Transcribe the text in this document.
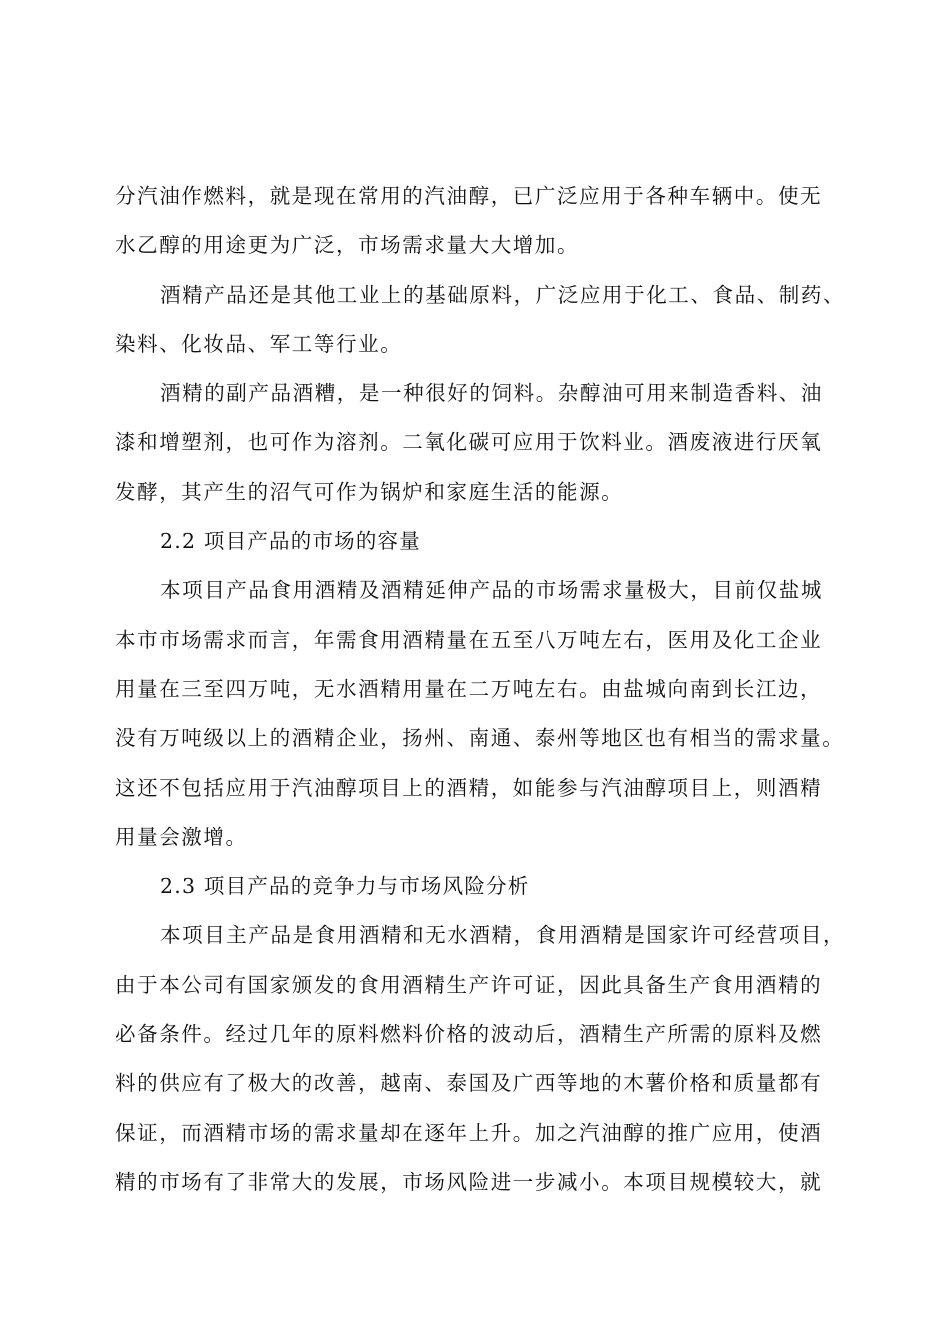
分汽油作燃料，就是现在常用的汽油醇，已广泛应用于各种车辆中。使无
水乙醇的用途更为广泛，市场需求量大大增加。
酒精产品还是其他工业上的基础原料，广泛应用于化工、食品、制药、
染料、化妆品、军工等行业。
酒精的副产品酒糟，是一种很好的饲料。杂醇油可用来制造香料、油
漆和增塑剂，也可作为溶剂。二氧化碳可应用于饮料业。酒废液进行厌氧
发酵，其产生的沼气可作为锅炉和家庭生活的能源。
2.2 项目产品的市场的容量
本项目产品食用酒精及酒精延伸产品的市场需求量极大，目前仅盐城
本市市场需求而言，年需食用酒精量在五至八万吨左右，医用及化工企业
用量在三至四万吨，无水酒精用量在二万吨左右。由盐城向南到长江边，
没有万吨级以上的酒精企业，扬州、南通、泰州等地区也有相当的需求量。
这还不包括应用于汽油醇项目上的酒精，如能参与汽油醇项目上，则酒精
用量会激增。
2.3 项目产品的竞争力与市场风险分析
本项目主产品是食用酒精和无水酒精，食用酒精是国家许可经营项目，
由于本公司有国家颁发的食用酒精生产许可证，因此具备生产食用酒精的
必备条件。经过几年的原料燃料价格的波动后，酒精生产所需的原料及燃
料的供应有了极大的改善，越南、泰国及广西等地的木薯价格和质量都有
保证，而酒精市场的需求量却在逐年上升。加之汽油醇的推广应用，使酒
精的市场有了非常大的发展，市场风险进一步减小。本项目规模较大，就
